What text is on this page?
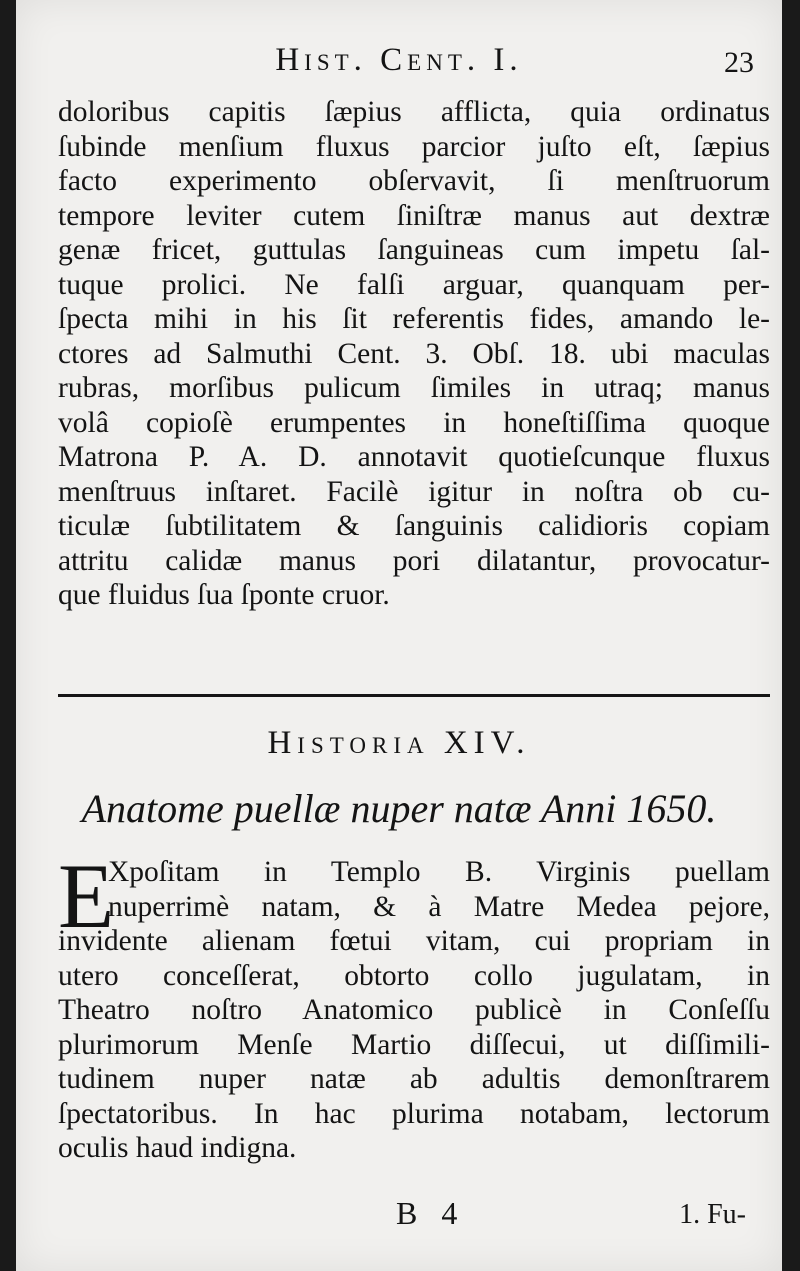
Hist. Cent. I.	23
doloribus capitis ſæpius afflicta, quia ordinatus
ſubinde menſium fluxus parcior juſto eſt, ſæpius
facto experimento obſervavit, ſi menſtruorum
tempore leviter cutem ſiniſtræ manus aut dextræ
genæ fricet, guttulas ſanguineas cum impetu ſal-
tuque prolici. Ne falſi arguar, quanquam per-
ſpecta mihi in his ſit referentis fides, amando le-
ctores ad Salmuthi Cent. 3. Obſ. 18. ubi maculas
rubras, morſibus pulicum ſimiles in utraq; manus
volâ copioſè erumpentes in honeſtiſſima quoque
Matrona P. A. D. annotavit quotieſcunque fluxus
menſtruus inſtaret. Facilè igitur in noſtra ob cu-
ticulæ ſubtilitatem & ſanguinis calidioris copiam
attritu calidæ manus pori dilatantur, provocatur-
que fluidus ſua ſponte cruor.
Historia XIV.
Anatome puellæ nuper natæ Anni 1650.
E
Xpoſitam in Templo B. Virginis puellam
nuperrimè natam, & à Matre Medea pejore,
invidente alienam fœtui vitam, cui propriam in
utero conceſſerat, obtorto collo jugulatam, in
Theatro noſtro Anatomico publicè in Conſeſſu
plurimorum Menſe Martio diſſecui, ut diſſimili-
tudinem nuper natæ ab adultis demonſtrarem
ſpectatoribus. In hac plurima notabam, lectorum
oculis haud indigna.
B 4	1. Fu-
